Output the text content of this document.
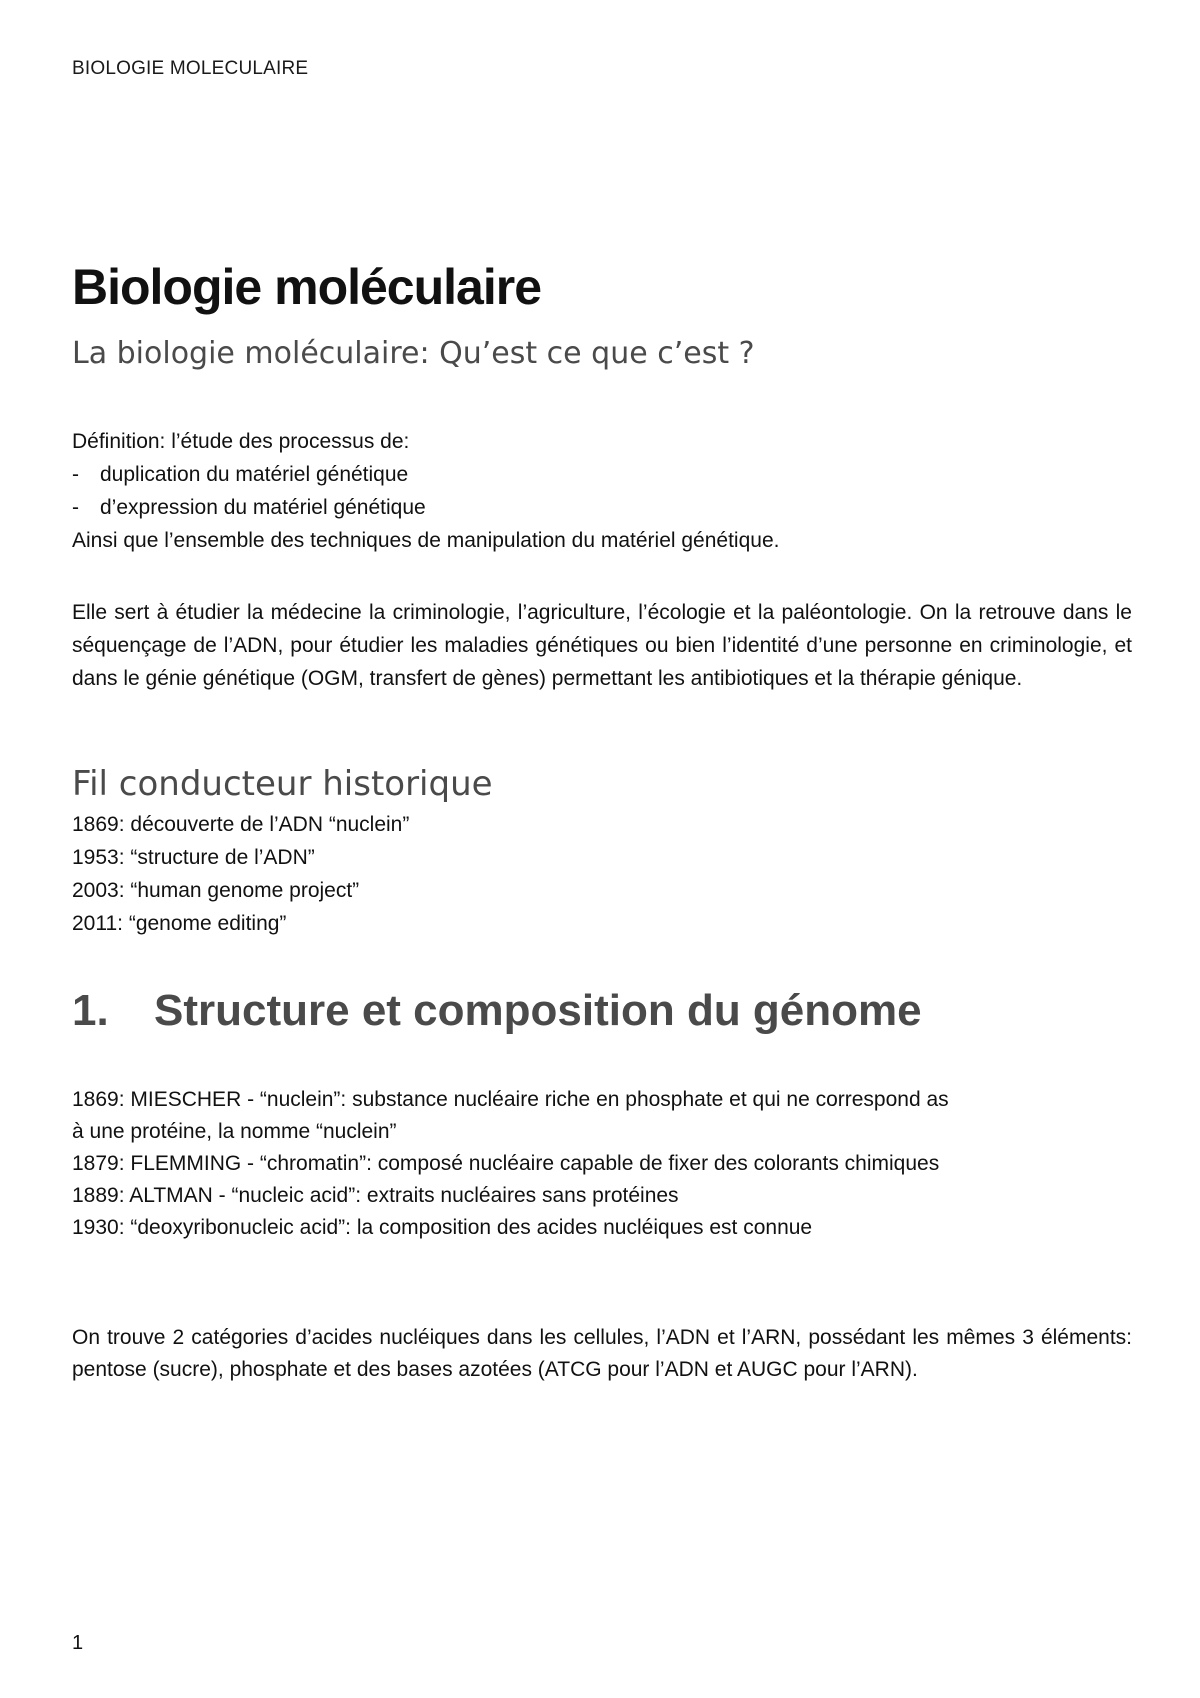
BIOLOGIE MOLECULAIRE
Biologie moléculaire
La biologie moléculaire: Qu’est ce que c’est ?

Définition: l’étude des processus de:

-	duplication du matériel génétique
-	d’expression du matériel génétique

Ainsi que l’ensemble des techniques de manipulation du matériel génétique.

Elle sert à étudier la médecine la criminologie, l’agriculture, l’écologie et la paléontologie. On la retrouve dans le séquençage de l’ADN, pour étudier les maladies génétiques ou bien l’identité d’une personne en criminologie, et dans le génie génétique (OGM, transfert de gènes) permettant les antibiotiques et la thérapie génique.
Fil conducteur historique

1869: découverte de l’ADN “nuclein”

1953: “structure de l’ADN”

2003: “human genome project”

2011: “genome editing”

1.	Structure et composition du génome

1869: MIESCHER - “nuclein”: substance nucléaire riche en phosphate et qui ne correspond as à une protéine, la nomme “nuclein”

1879: FLEMMING - “chromatin”: composé nucléaire capable de fixer des colorants chimiques

1889: ALTMAN - “nucleic acid”: extraits nucléaires sans protéines

1930: “deoxyribonucleic acid”: la composition des acides nucléiques est connue

On trouve 2 catégories d’acides nucléiques dans les cellules, l’ADN et l’ARN, possédant les mêmes 3 éléments: pentose (sucre), phosphate et des bases azotées (ATCG pour l’ADN et AUGC pour l’ARN).
1
